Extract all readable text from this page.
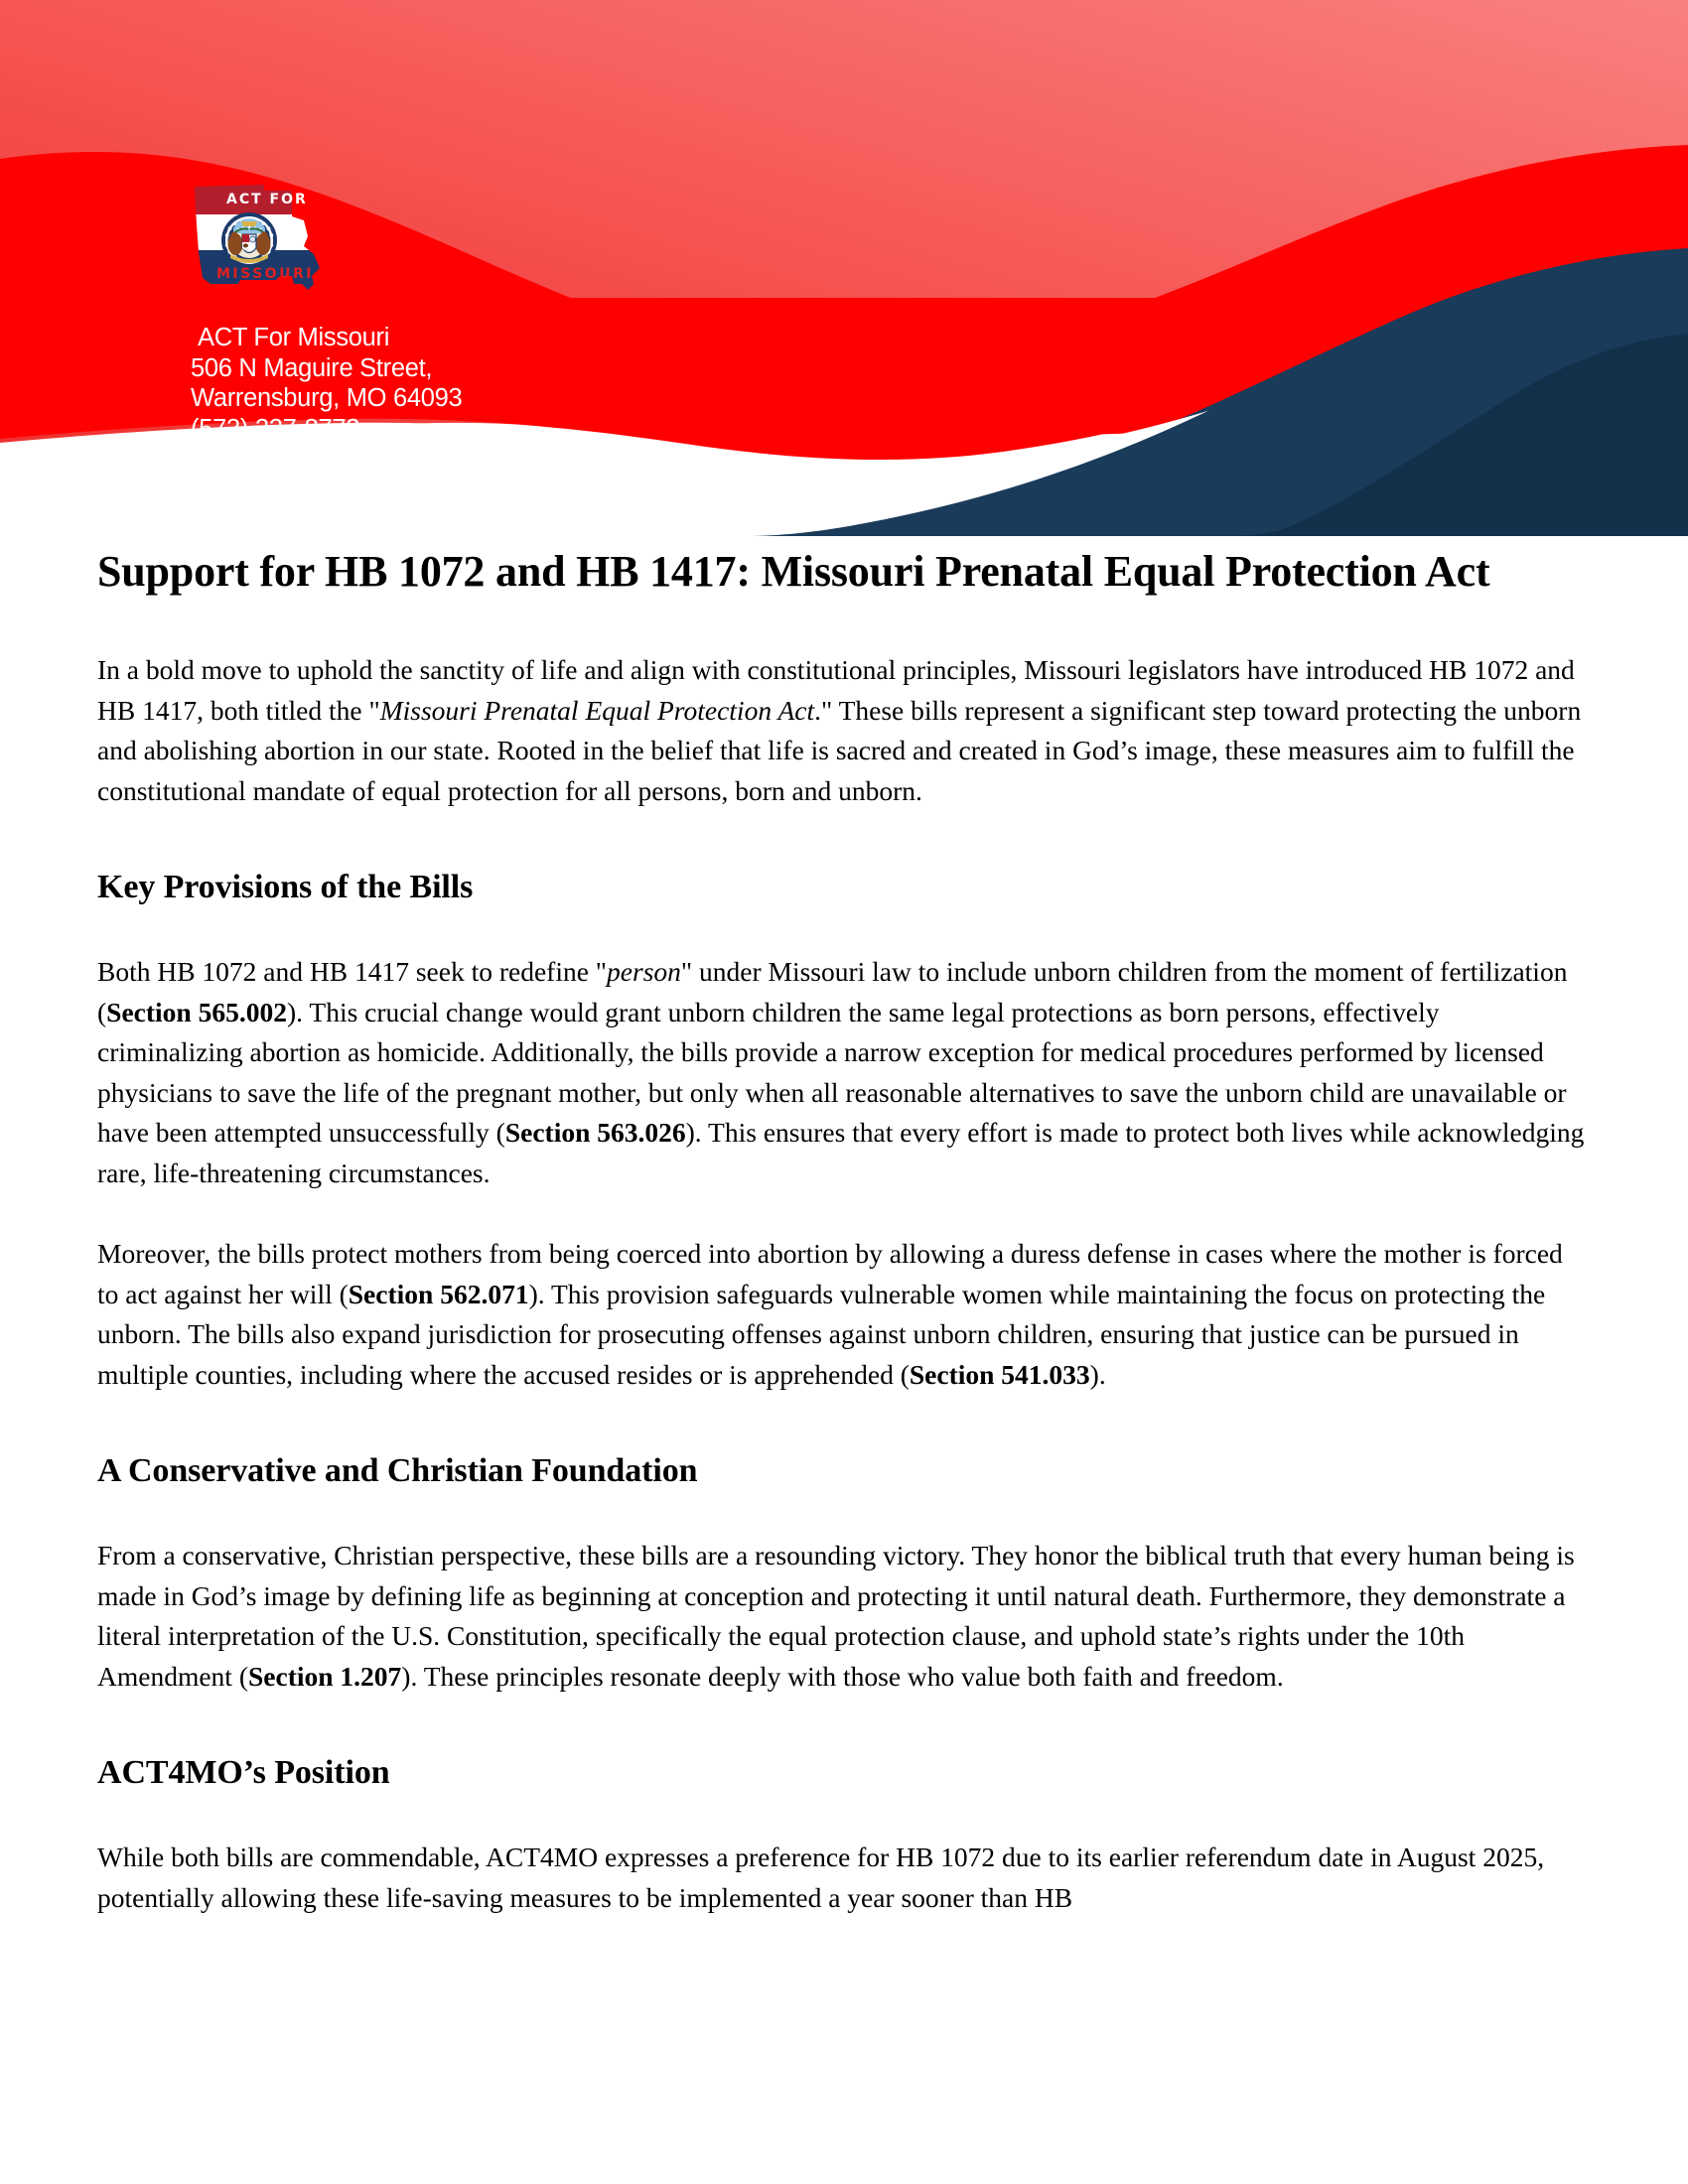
ACT FOR
MISSOURI
ACT For Missouri
506 N Maguire Street,
Warrensburg, MO 64093
(573) 227-8772
info@act4mo.org
www.act4mo.org
Support for HB 1072 and HB 1417: Missouri Prenatal Equal Protection Act

In a bold move to uphold the sanctity of life and align with constitutional principles, Missouri legislators have introduced HB 1072 and HB 1417, both titled the "Missouri Prenatal Equal Protection Act." These bills represent a significant step toward protecting the unborn and abolishing abortion in our state. Rooted in the belief that life is sacred and created in God’s image, these measures aim to fulfill the constitutional mandate of equal protection for all persons, born and unborn.

Key Provisions of the Bills

Both HB 1072 and HB 1417 seek to redefine "person" under Missouri law to include unborn children from the moment of fertilization (Section 565.002). This crucial change would grant unborn children the same legal protections as born persons, effectively criminalizing abortion as homicide. Additionally, the bills provide a narrow exception for medical procedures performed by licensed physicians to save the life of the pregnant mother, but only when all reasonable alternatives to save the unborn child are unavailable or have been attempted unsuccessfully (Section 563.026). This ensures that every effort is made to protect both lives while acknowledging rare, life-threatening circumstances.

Moreover, the bills protect mothers from being coerced into abortion by allowing a duress defense in cases where the mother is forced to act against her will (Section 562.071). This provision safeguards vulnerable women while maintaining the focus on protecting the unborn. The bills also expand jurisdiction for prosecuting offenses against unborn children, ensuring that justice can be pursued in multiple counties, including where the accused resides or is apprehended (Section 541.033).

A Conservative and Christian Foundation

From a conservative, Christian perspective, these bills are a resounding victory. They honor the biblical truth that every human being is made in God’s image by defining life as beginning at conception and protecting it until natural death. Furthermore, they demonstrate a literal interpretation of the U.S. Constitution, specifically the equal protection clause, and uphold state’s rights under the 10th Amendment (Section 1.207). These principles resonate deeply with those who value both faith and freedom.

ACT4MO’s Position

While both bills are commendable, ACT4MO expresses a preference for HB 1072 due to its earlier referendum date in August 2025, potentially allowing these life-saving measures to be implemented a year sooner than HB
